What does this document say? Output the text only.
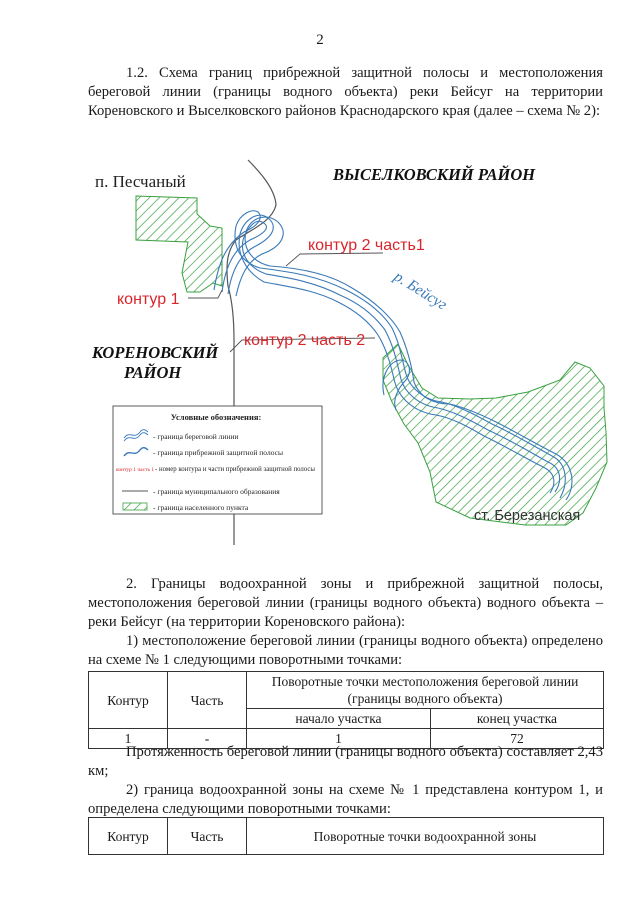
2

1.2. Схема границ прибрежной защитной полосы и местоположения береговой линии (границы водного объекта) реки Бейсуг на территории Кореновского и Выселковского районов Краснодарского края (далее – схема № 2):

п. Песчаный	ВЫСЕЛКОВСКИЙ РАЙОН
КОРЕНОВСКИЙ
РАЙОН
контур 1
контур 2 часть1
контур 2 часть 2
р. Бейсуг
ст. Березанская
Условные обозначения:
- граница береговой линии
- граница прибрежной защитной полосы
контур 1 часть 1 - номер контура и части прибрежной защитной полосы
- граница муниципального образования
- граница населенного пункта

2. Границы водоохранной зоны и прибрежной защитной полосы, местоположения береговой линии (границы водного объекта) водного объекта – реки Бейсуг (на территории Кореновского района):

1) местоположение береговой линии (границы водного объекта) определено на схеме № 1 следующими поворотными точками:

Контур	Часть	Поворотные точки местоположения береговой линии (границы водного объекта)	
		начало участка	конец участка
1	-	1	72

Протяженность береговой линии (границы водного объекта) составляет 2,43 км;

2) граница водоохранной зоны на схеме № 1 представлена контуром 1, и определена следующими поворотными точками:

Контур	Часть	Поворотные точки водоохранной зоны
